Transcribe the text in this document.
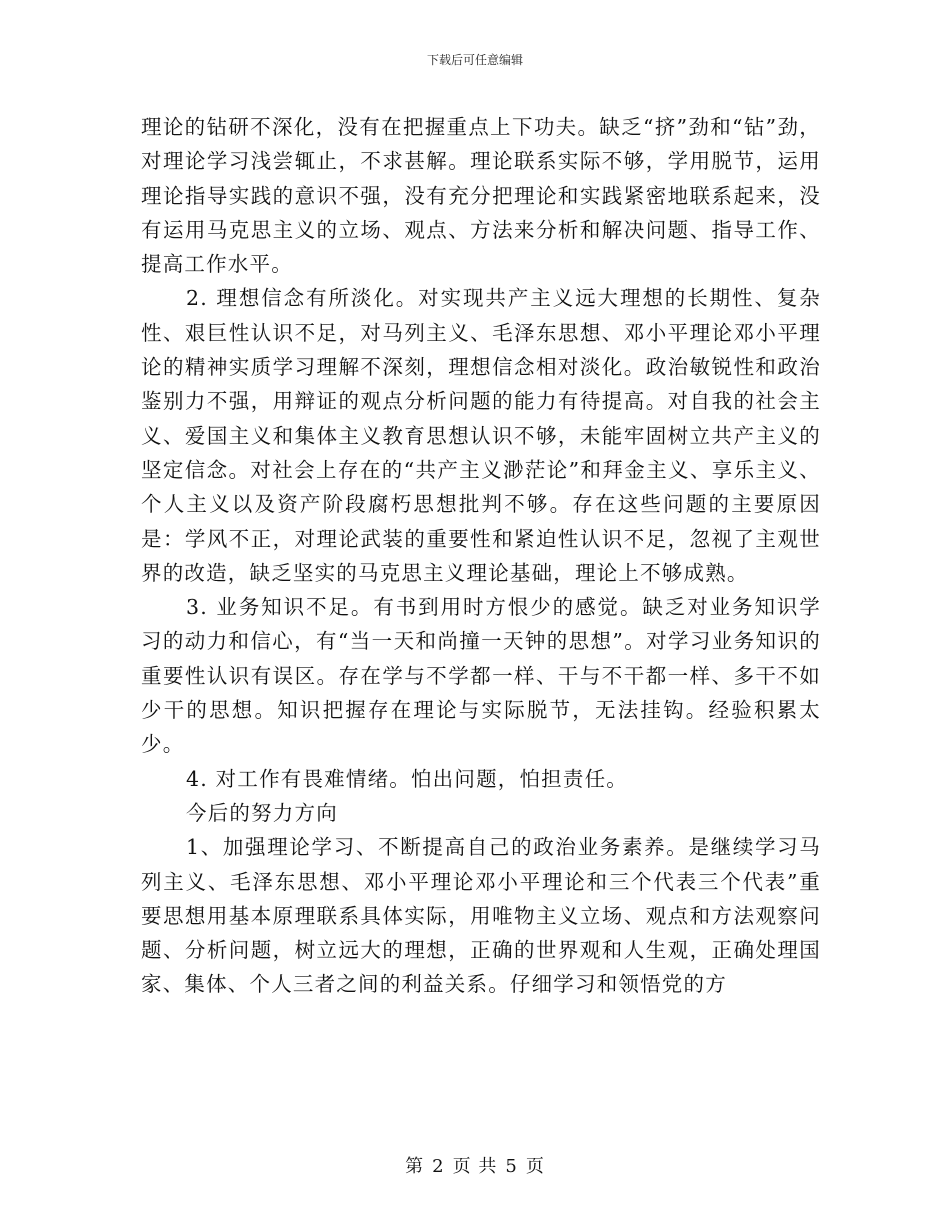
下载后可任意编辑

理论的钻研不深化，没有在把握重点上下功夫。缺乏“挤”劲和“钻”劲，对理论学习浅尝辄止，不求甚解。理论联系实际不够，学用脱节，运用理论指导实践的意识不强，没有充分把理论和实践紧密地联系起来，没有运用马克思主义的立场、观点、方法来分析和解决问题、指导工作、提高工作水平。

2. 理想信念有所淡化。对实现共产主义远大理想的长期性、复杂性、艰巨性认识不足，对马列主义、毛泽东思想、邓小平理论邓小平理论的精神实质学习理解不深刻，理想信念相对淡化。政治敏锐性和政治鉴别力不强，用辩证的观点分析问题的能力有待提高。对自我的社会主义、爱国主义和集体主义教育思想认识不够，未能牢固树立共产主义的坚定信念。对社会上存在的“共产主义渺茫论”和拜金主义、享乐主义、个人主义以及资产阶段腐朽思想批判不够。存在这些问题的主要原因是：学风不正，对理论武装的重要性和紧迫性认识不足，忽视了主观世界的改造，缺乏坚实的马克思主义理论基础，理论上不够成熟。

3. 业务知识不足。有书到用时方恨少的感觉。缺乏对业务知识学习的动力和信心，有“当一天和尚撞一天钟的思想”。对学习业务知识的重要性认识有误区。存在学与不学都一样、干与不干都一样、多干不如少干的思想。知识把握存在理论与实际脱节，无法挂钩。经验积累太少。

4. 对工作有畏难情绪。怕出问题，怕担责任。

今后的努力方向

1、加强理论学习、不断提高自己的政治业务素养。是继续学习马列主义、毛泽东思想、邓小平理论邓小平理论和三个代表三个代表”重要思想用基本原理联系具体实际，用唯物主义立场、观点和方法观察问题、分析问题，树立远大的理想，正确的世界观和人生观，正确处理国家、集体、个人三者之间的利益关系。仔细学习和领悟党的方

第 2 页 共 5 页
